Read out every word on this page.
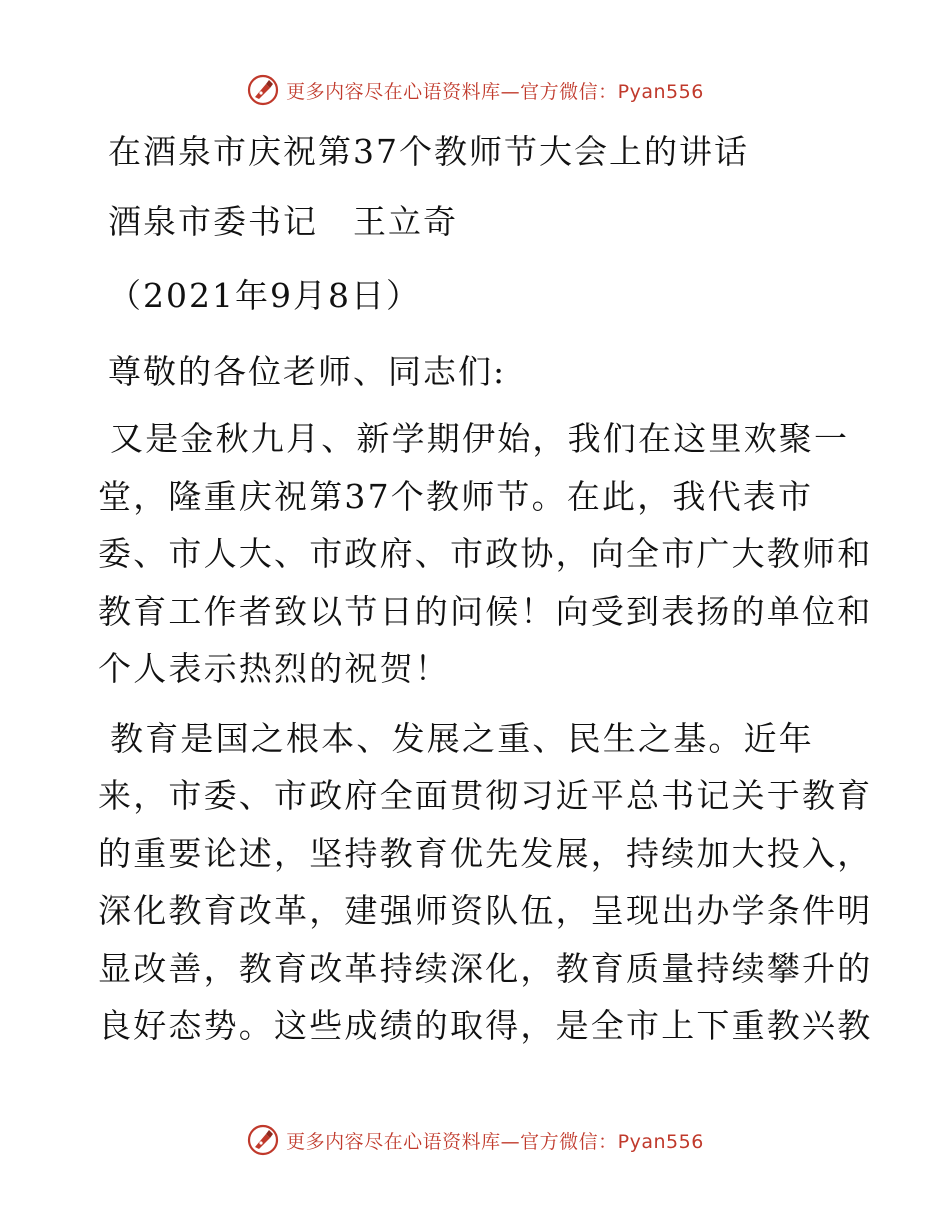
更多内容尽在心语资料库—官方微信：Pyan556
在酒泉市庆祝第37个教师节大会上的讲话
酒泉市委书记　王立奇
（2021年9月8日）
尊敬的各位老师、同志们:
又是金秋九月、新学期伊始，我们在这里欢聚一
堂，隆重庆祝第37个教师节。在此，我代表市
委、市人大、市政府、市政协，向全市广大教师和
教育工作者致以节日的问候！向受到表扬的单位和
个人表示热烈的祝贺！
教育是国之根本、发展之重、民生之基。近年
来，市委、市政府全面贯彻习近平总书记关于教育
的重要论述，坚持教育优先发展，持续加大投入，
深化教育改革，建强师资队伍，呈现出办学条件明
显改善，教育改革持续深化，教育质量持续攀升的
良好态势。这些成绩的取得，是全市上下重教兴教
更多内容尽在心语资料库—官方微信：Pyan556
